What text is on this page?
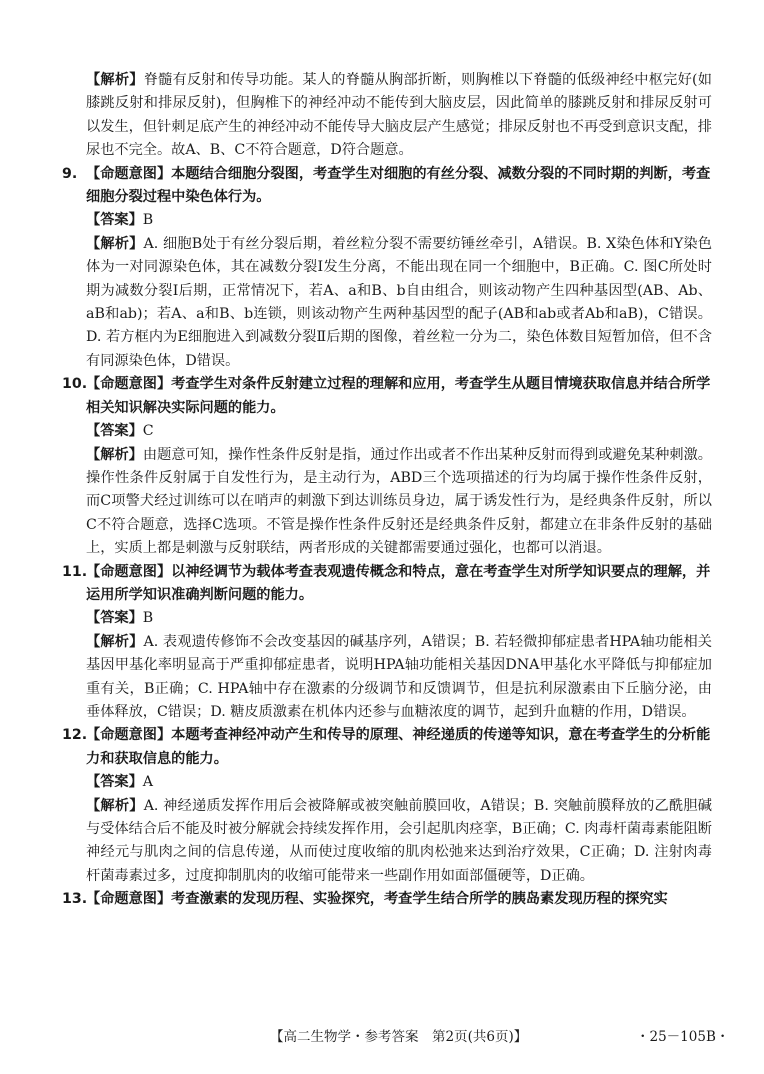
【解析】脊髓有反射和传导功能。某人的脊髓从胸部折断，则胸椎以下脊髓的低级神经中枢完好(如膝跳反射和排尿反射)，但胸椎下的神经冲动不能传到大脑皮层，因此简单的膝跳反射和排尿反射可以发生，但针刺足底产生的神经冲动不能传导大脑皮层产生感觉；排尿反射也不再受到意识支配，排尿也不完全。故A、B、C不符合题意，D符合题意。

9. 【命题意图】本题结合细胞分裂图，考查学生对细胞的有丝分裂、减数分裂的不同时期的判断，考查细胞分裂过程中染色体行为。

【答案】B

【解析】A. 细胞B处于有丝分裂后期，着丝粒分裂不需要纺锤丝牵引，A错误。B. X染色体和Y染色体为一对同源染色体，其在减数分裂Ⅰ发生分离，不能出现在同一个细胞中，B正确。C. 图C所处时期为减数分裂Ⅰ后期，正常情况下，若A、a和B、b自由组合，则该动物产生四种基因型(AB、Ab、aB和ab)；若A、a和B、b连锁，则该动物产生两种基因型的配子(AB和ab或者Ab和aB)，C错误。D. 若方框内为E细胞进入到减数分裂Ⅱ后期的图像，着丝粒一分为二，染色体数目短暂加倍，但不含有同源染色体，D错误。

10.【命题意图】考查学生对条件反射建立过程的理解和应用，考查学生从题目情境获取信息并结合所学相关知识解决实际问题的能力。

【答案】C

【解析】由题意可知，操作性条件反射是指，通过作出或者不作出某种反射而得到或避免某种刺激。操作性条件反射属于自发性行为，是主动行为，ABD三个选项描述的行为均属于操作性条件反射，而C项警犬经过训练可以在哨声的刺激下到达训练员身边，属于诱发性行为，是经典条件反射，所以C不符合题意，选择C选项。不管是操作性条件反射还是经典条件反射，都建立在非条件反射的基础上，实质上都是刺激与反射联结，两者形成的关键都需要通过强化，也都可以消退。

11.【命题意图】以神经调节为载体考查表观遗传概念和特点，意在考查学生对所学知识要点的理解，并运用所学知识准确判断问题的能力。

【答案】B

【解析】A. 表观遗传修饰不会改变基因的碱基序列，A错误；B. 若轻微抑郁症患者HPA轴功能相关基因甲基化率明显高于严重抑郁症患者，说明HPA轴功能相关基因DNA甲基化水平降低与抑郁症加重有关，B正确；C. HPA轴中存在激素的分级调节和反馈调节，但是抗利尿激素由下丘脑分泌，由垂体释放，C错误；D. 糖皮质激素在机体内还参与血糖浓度的调节，起到升血糖的作用，D错误。

12.【命题意图】本题考查神经冲动产生和传导的原理、神经递质的传递等知识，意在考查学生的分析能力和获取信息的能力。

【答案】A

【解析】A. 神经递质发挥作用后会被降解或被突触前膜回收，A错误；B. 突触前膜释放的乙酰胆碱与受体结合后不能及时被分解就会持续发挥作用，会引起肌肉痉挛，B正确；C. 肉毒杆菌毒素能阻断神经元与肌肉之间的信息传递，从而使过度收缩的肌肉松弛来达到治疗效果，C正确；D. 注射肉毒杆菌毒素过多，过度抑制肌肉的收缩可能带来一些副作用如面部僵硬等，D正确。

13.【命题意图】考查激素的发现历程、实验探究，考查学生结合所学的胰岛素发现历程的探究实

【高二生物学・参考答案　第2页(共6页)】	・25－105B・
